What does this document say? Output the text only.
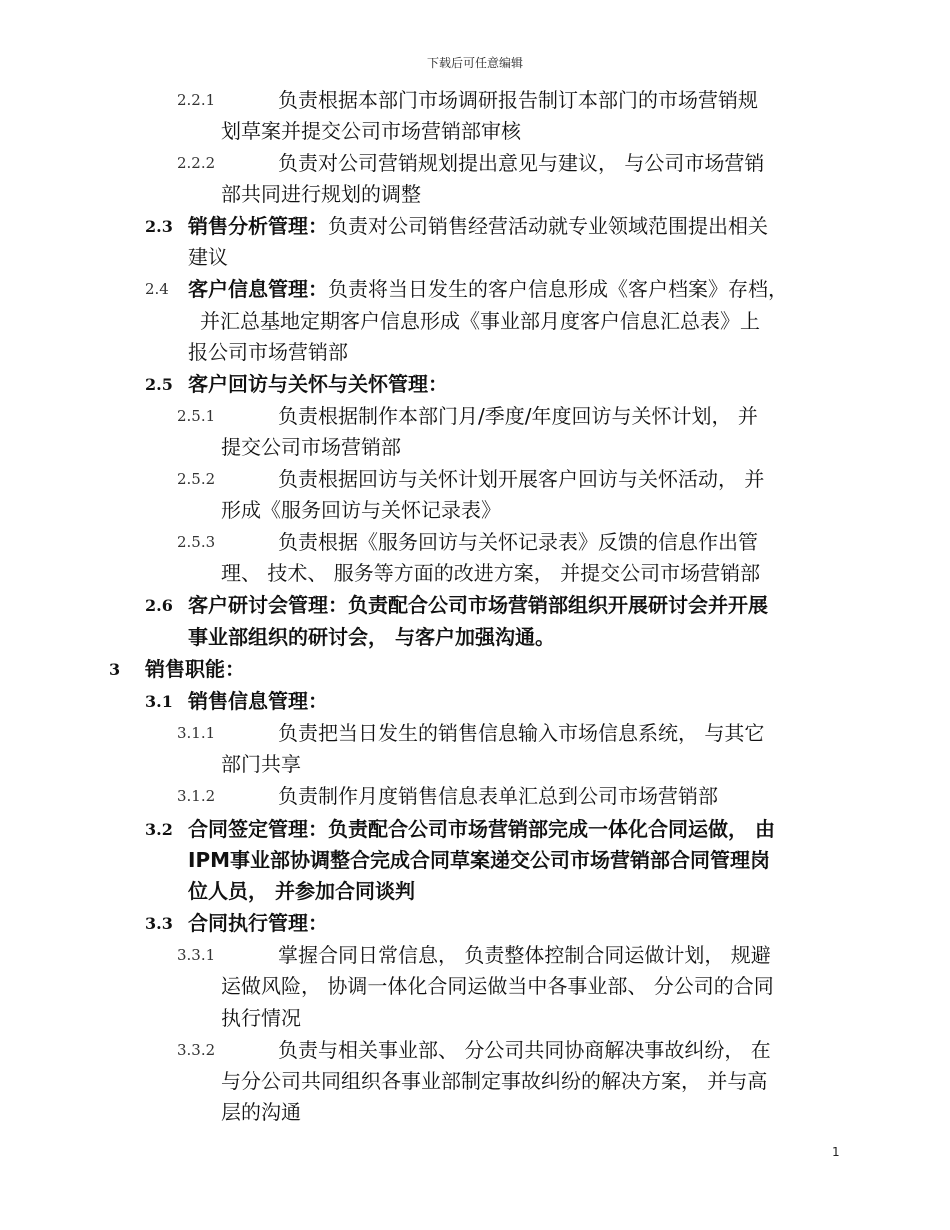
下载后可任意编辑
2.2.1	负责根据本部门市场调研报告制订本部门的市场营销规
划草案并提交公司市场营销部审核
2.2.2	负责对公司营销规划提出意见与建议， 与公司市场营销
部共同进行规划的调整
2.3 销售分析管理：负责对公司销售经营活动就专业领域范围提出相关
建议
2.4 客户信息管理：负责将当日发生的客户信息形成《客户档案》存档，
并汇总基地定期客户信息形成《事业部月度客户信息汇总表》上
报公司市场营销部
2.5 客户回访与关怀与关怀管理：
2.5.1	负责根据制作本部门月/季度/年度回访与关怀计划， 并
提交公司市场营销部
2.5.2	负责根据回访与关怀计划开展客户回访与关怀活动， 并
形成《服务回访与关怀记录表》
2.5.3	负责根据《服务回访与关怀记录表》反馈的信息作出管
理、 技术、 服务等方面的改进方案， 并提交公司市场营销部
2.6 客户研讨会管理：负责配合公司市场营销部组织开展研讨会并开展
事业部组织的研讨会， 与客户加强沟通。
3 销售职能：
3.1 销售信息管理：
3.1.1	负责把当日发生的销售信息输入市场信息系统， 与其它
部门共享
3.1.2	负责制作月度销售信息表单汇总到公司市场营销部
3.2 合同签定管理：负责配合公司市场营销部完成一体化合同运做， 由
IPM事业部协调整合完成合同草案递交公司市场营销部合同管理岗
位人员， 并参加合同谈判
3.3 合同执行管理：
3.3.1	掌握合同日常信息， 负责整体控制合同运做计划， 规避
运做风险， 协调一体化合同运做当中各事业部、 分公司的合同
执行情况
3.3.2	负责与相关事业部、 分公司共同协商解决事故纠纷， 在
与分公司共同组织各事业部制定事故纠纷的解决方案， 并与高
层的沟通
1
